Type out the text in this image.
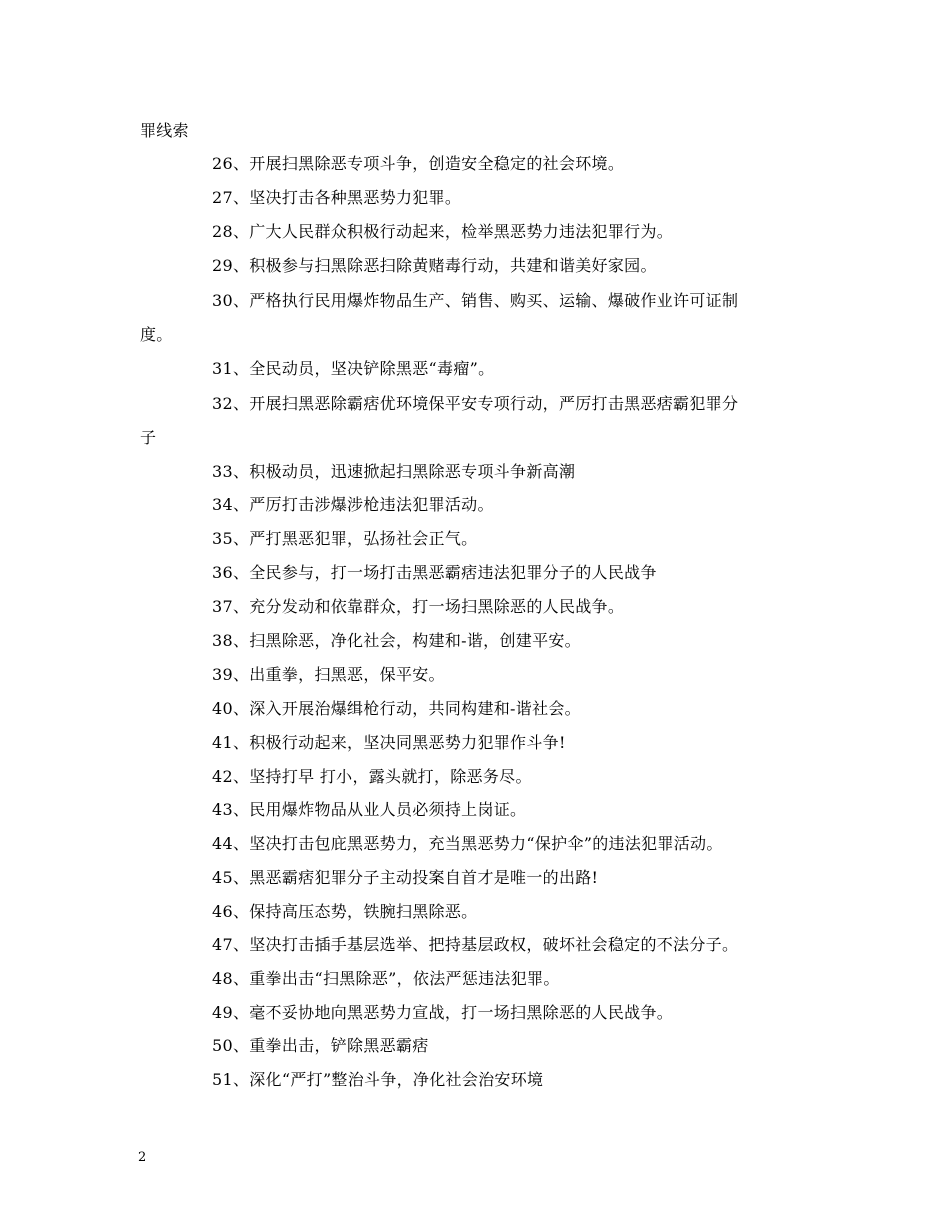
罪线索
26、开展扫黑除恶专项斗争，创造安全稳定的社会环境。
27、坚决打击各种黑恶势力犯罪。
28、广大人民群众积极行动起来，检举黑恶势力违法犯罪行为。
29、积极参与扫黑除恶扫除黄赌毒行动，共建和谐美好家园。
30、严格执行民用爆炸物品生产、销售、购买、运输、爆破作业许可证制
度。
31、全民动员，坚决铲除黑恶“毒瘤”。
32、开展扫黑恶除霸痞优环境保平安专项行动，严厉打击黑恶痞霸犯罪分
子
33、积极动员，迅速掀起扫黑除恶专项斗争新高潮
34、严厉打击涉爆涉枪违法犯罪活动。
35、严打黑恶犯罪，弘扬社会正气。
36、全民参与，打一场打击黑恶霸痞违法犯罪分子的人民战争
37、充分发动和依靠群众，打一场扫黑除恶的人民战争。
38、扫黑除恶，净化社会，构建和-谐，创建平安。
39、出重拳，扫黑恶，保平安。
40、深入开展治爆缉枪行动，共同构建和-谐社会。
41、积极行动起来，坚决同黑恶势力犯罪作斗争!
42、坚持打早 打小，露头就打，除恶务尽。
43、民用爆炸物品从业人员必须持上岗证。
44、坚决打击包庇黑恶势力，充当黑恶势力“保护伞”的违法犯罪活动。
45、黑恶霸痞犯罪分子主动投案自首才是唯一的出路!
46、保持高压态势，铁腕扫黑除恶。
47、坚决打击插手基层选举、把持基层政权，破坏社会稳定的不法分子。
48、重拳出击“扫黑除恶”，依法严惩违法犯罪。
49、毫不妥协地向黑恶势力宣战，打一场扫黑除恶的人民战争。
50、重拳出击，铲除黑恶霸痞
51、深化“严打”整治斗争，净化社会治安环境
2
